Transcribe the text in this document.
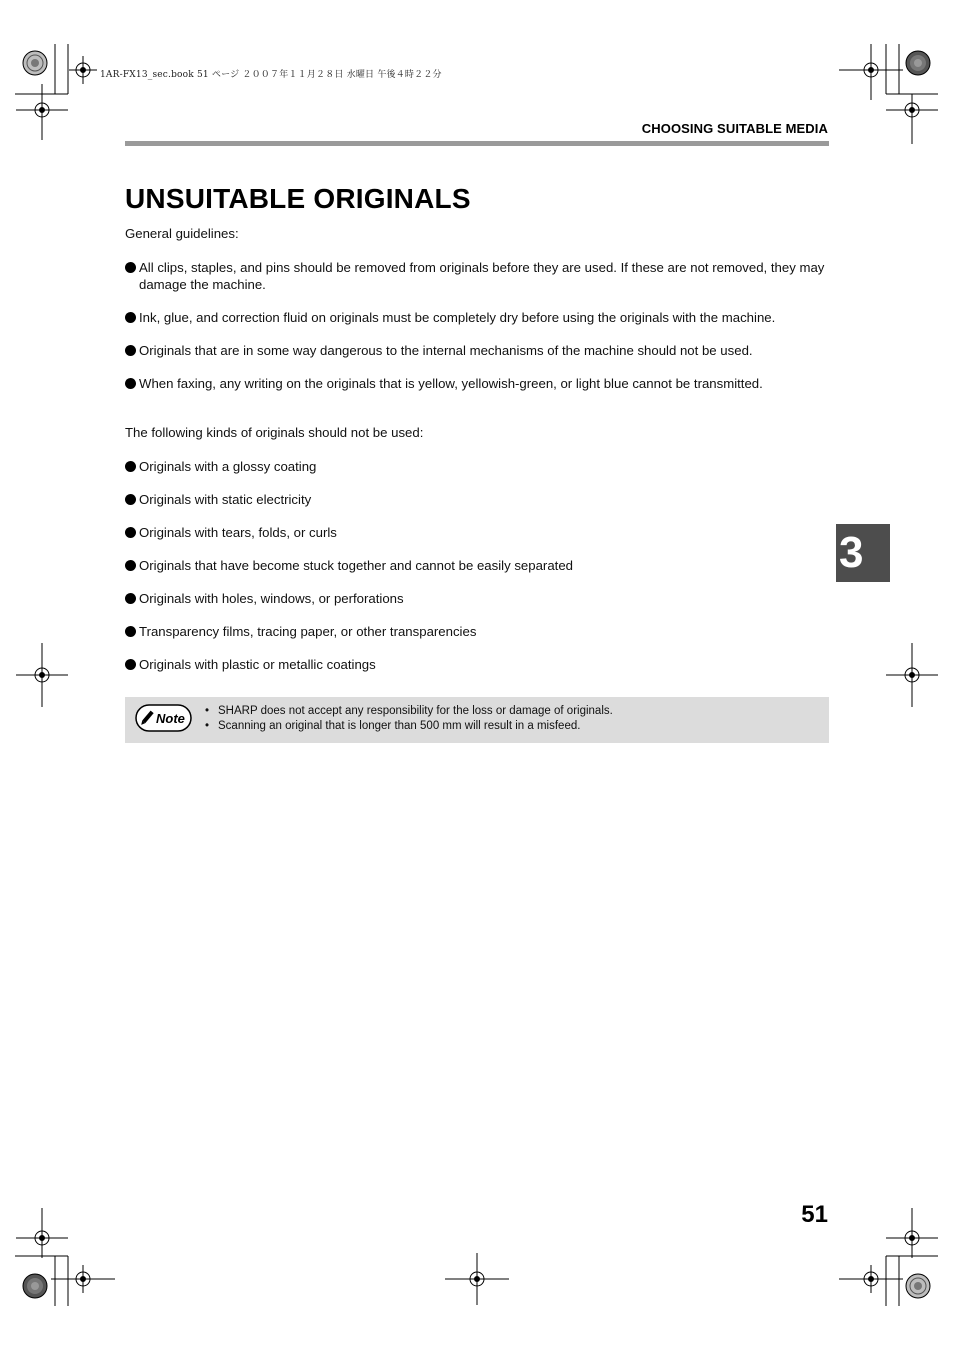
1AR-FX13_sec.book 51 ページ ２００７年１１月２８日 水曜日 午後４時２２分
CHOOSING SUITABLE MEDIA
UNSUITABLE ORIGINALS

General guidelines:

All clips, staples, and pins should be removed from originals before they are used. If these are not removed, they may damage the machine.
Ink, glue, and correction fluid on originals must be completely dry before using the originals with the machine.
Originals that are in some way dangerous to the internal mechanisms of the machine should not be used.
When faxing, any writing on the originals that is yellow, yellowish-green, or light blue cannot be transmitted.

The following kinds of originals should not be used:

Originals with a glossy coating
Originals with static electricity
Originals with tears, folds, or curls
Originals that have become stuck together and cannot be easily separated
Originals with holes, windows, or perforations
Transparency films, tracing paper, or other transparencies
Originals with plastic or metallic coatings
3
Note
•	SHARP does not accept any responsibility for the loss or damage of originals.
• Scanning an original that is longer than 500 mm will result in a misfeed.
51
